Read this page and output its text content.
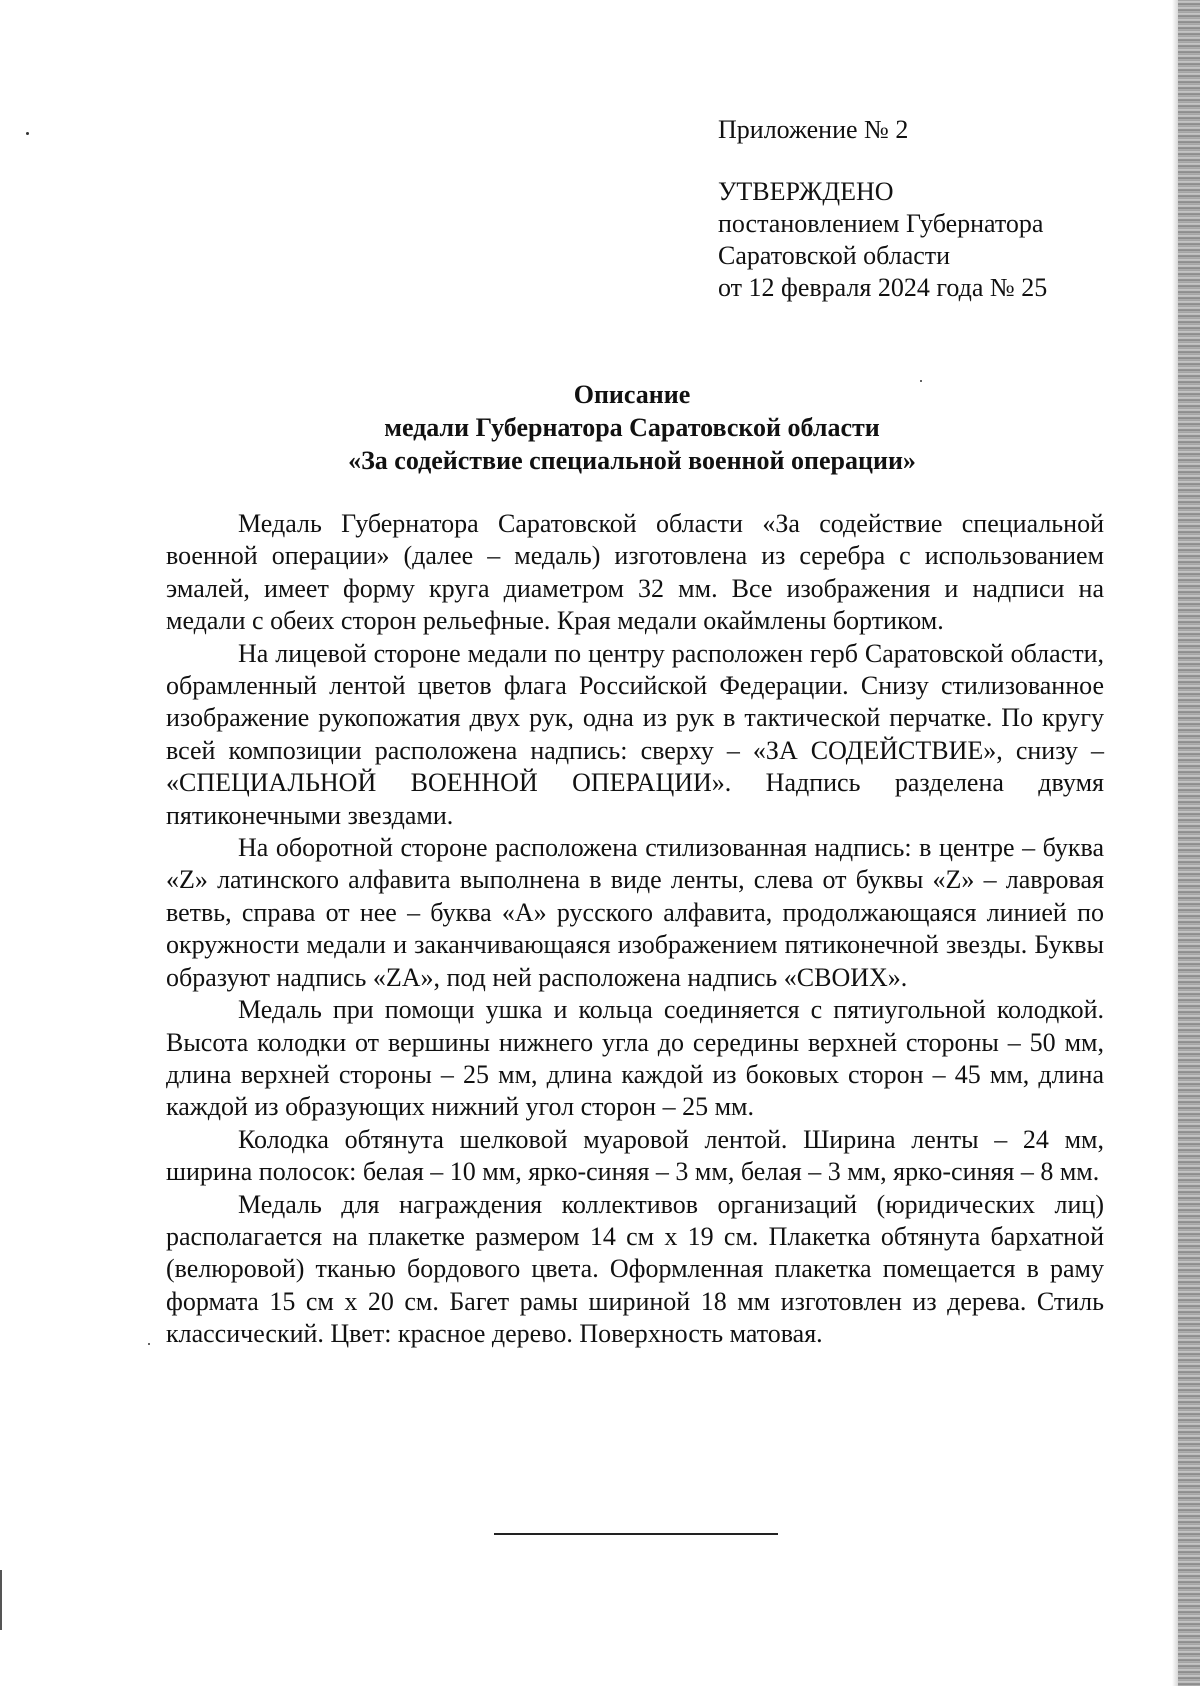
Приложение № 2
УТВЕРЖДЕНО
постановлением Губернатора
Саратовской области
от 12 февраля 2024 года № 25
Описание
медали Губернатора Саратовской области
«За содействие специальной военной операции»

Медаль Губернатора Саратовской области «За содействие специальной военной операции» (далее – медаль) изготовлена из серебра с использованием эмалей, имеет форму круга диаметром 32 мм. Все изображения и надписи на медали с обеих сторон рельефные. Края медали окаймлены бортиком.

На лицевой стороне медали по центру расположен герб Саратовской области, обрамленный лентой цветов флага Российской Федерации. Снизу стилизованное изображение рукопожатия двух рук, одна из рук в тактической перчатке. По кругу всей композиции расположена надпись: сверху – «ЗА СОДЕЙСТВИЕ», снизу – «СПЕЦИАЛЬНОЙ ВОЕННОЙ ОПЕРАЦИИ». Надпись разделена двумя пятиконечными звездами.

На оборотной стороне расположена стилизованная надпись: в центре – буква «Z» латинского алфавита выполнена в виде ленты, слева от буквы «Z» – лавровая ветвь, справа от нее – буква «А» русского алфавита, продолжающаяся линией по окружности медали и заканчивающаяся изображением пятиконечной звезды. Буквы образуют надпись «ZA», под ней расположена надпись «СВОИХ».

Медаль при помощи ушка и кольца соединяется с пятиугольной колодкой. Высота колодки от вершины нижнего угла до середины верхней стороны – 50 мм, длина верхней стороны – 25 мм, длина каждой из боковых сторон – 45 мм, длина каждой из образующих нижний угол сторон – 25 мм.

Колодка обтянута шелковой муаровой лентой. Ширина ленты – 24 мм, ширина полосок: белая – 10 мм, ярко-синяя – 3 мм, белая – 3 мм, ярко-синяя – 8 мм.

Медаль для награждения коллективов организаций (юридических лиц) располагается на плакетке размером 14 см х 19 см. Плакетка обтянута бархатной (велюровой) тканью бордового цвета. Оформленная плакетка помещается в раму формата 15 см х 20 см. Багет рамы шириной 18 мм изготовлен из дерева. Стиль классический. Цвет: красное дерево. Поверхность матовая.
